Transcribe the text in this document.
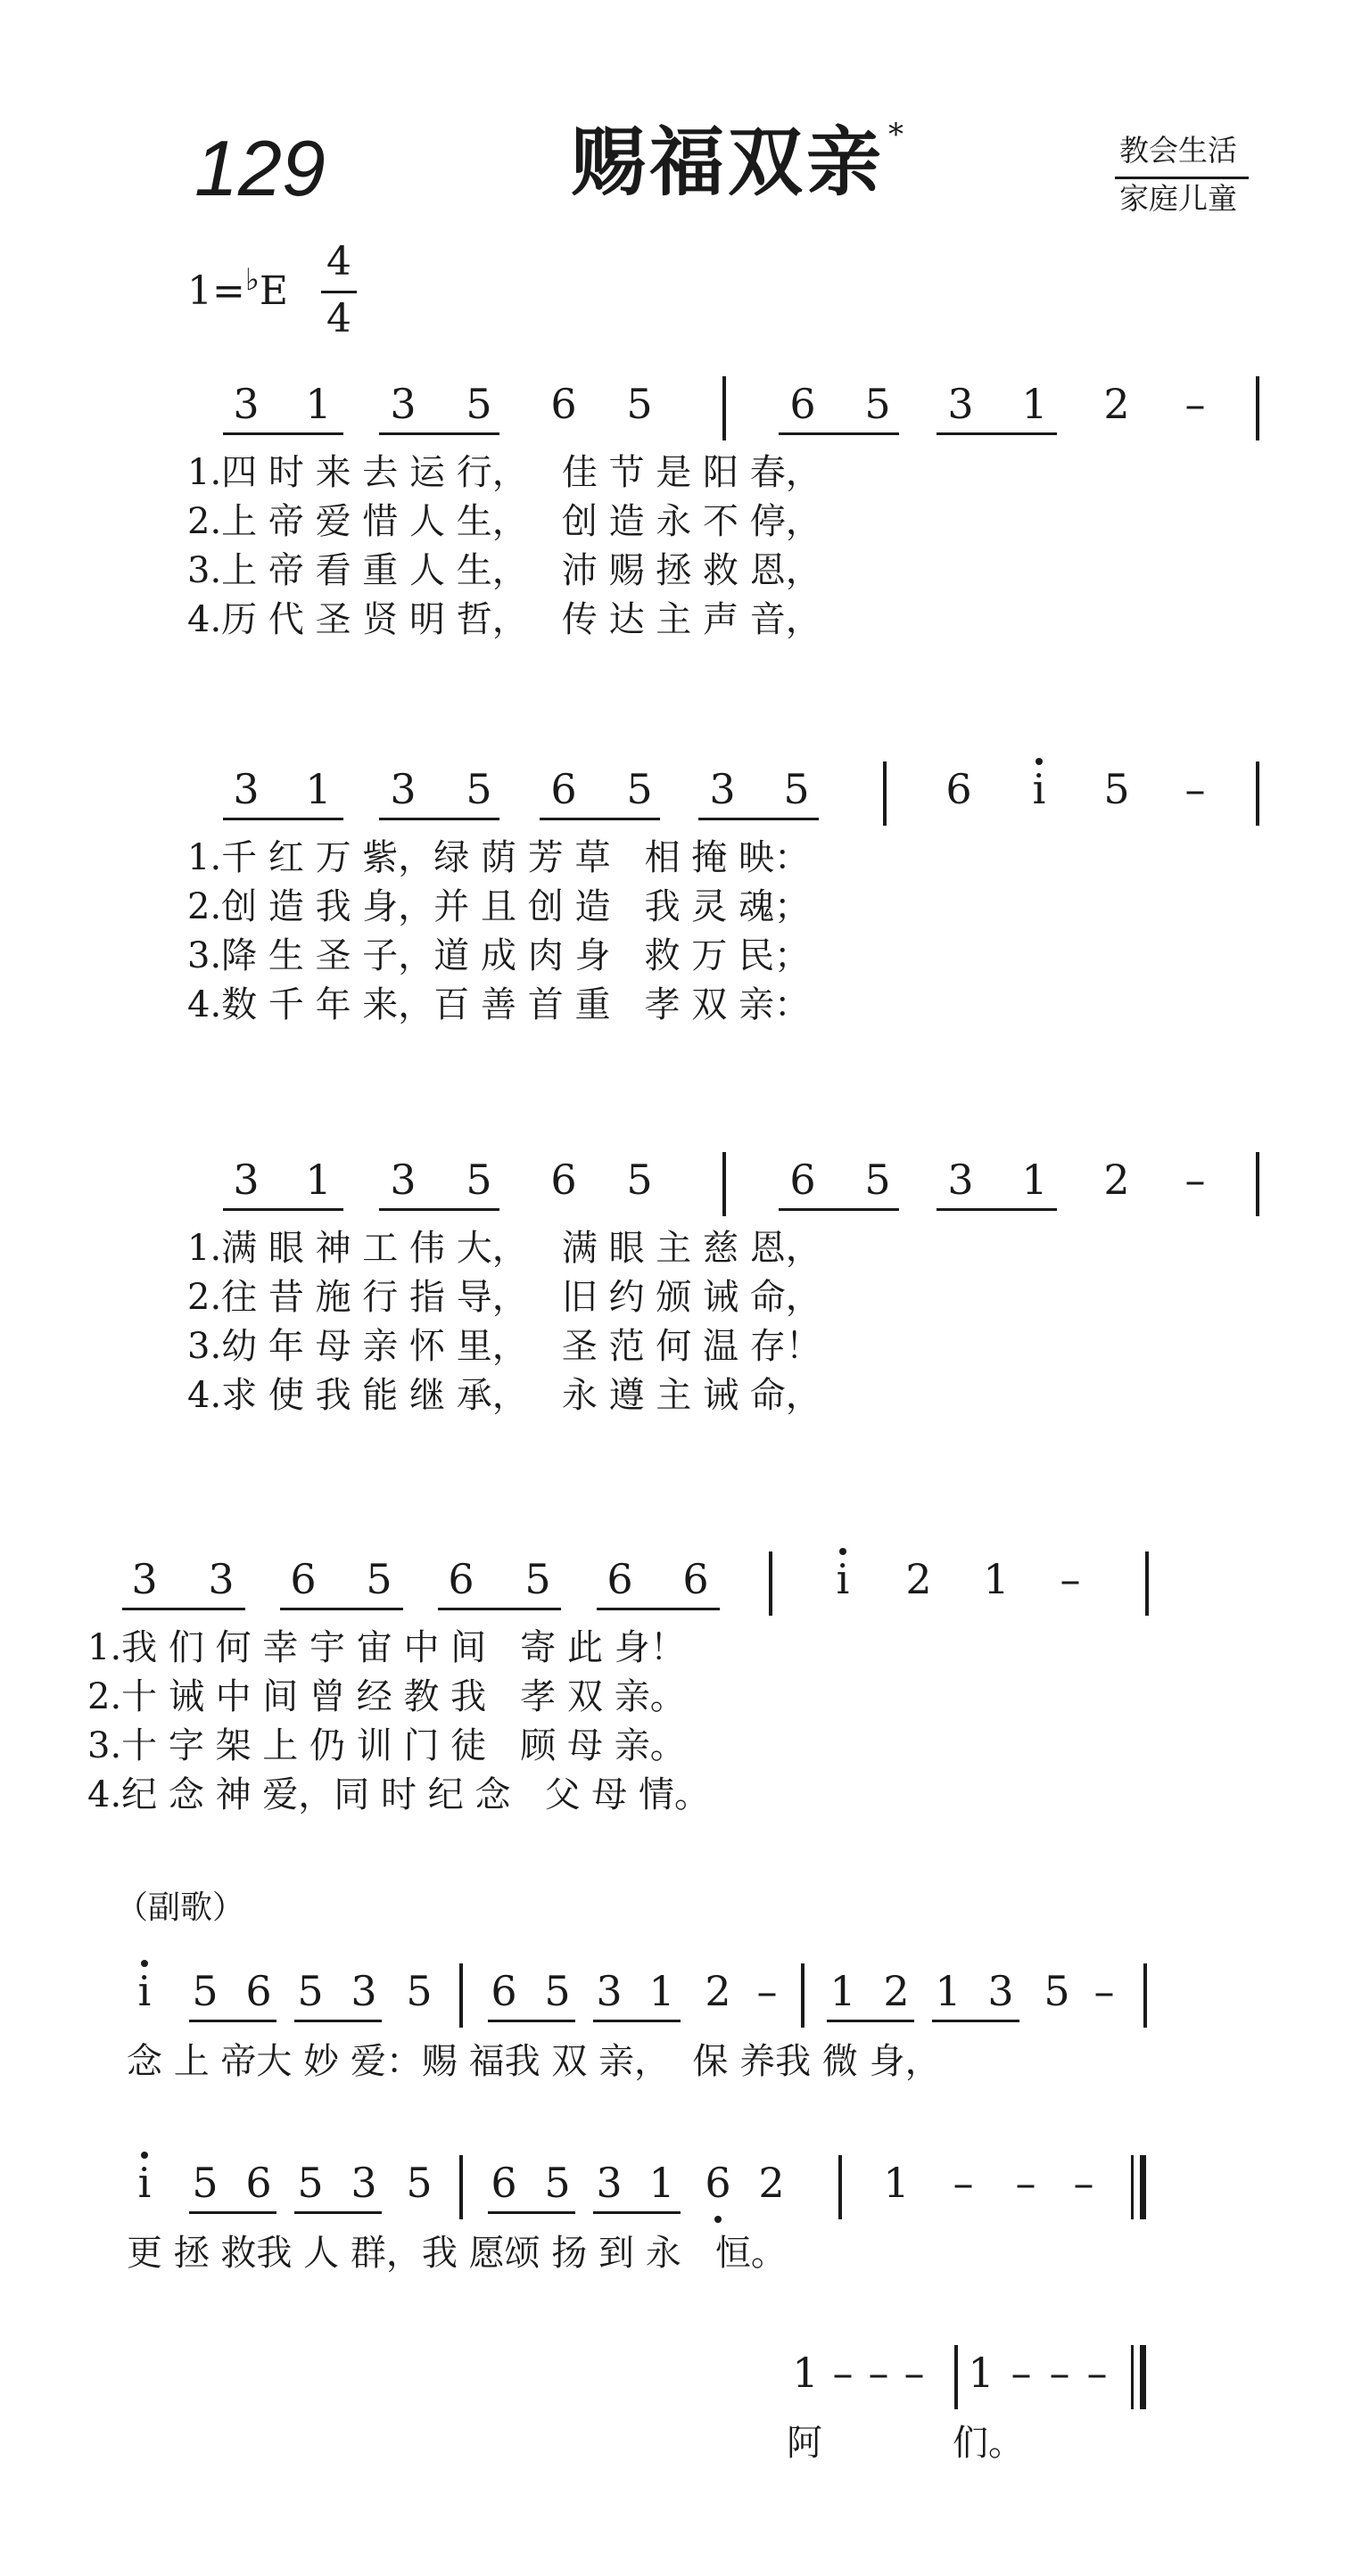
129	赐福双亲 *	教会生活
家庭儿童
1=♭E
4
4
3 1 3 5 6 5	6 5 3 1 2 –
1.四 时 来 去 运 行，   佳 节 是 阳 春，
2.上 帝 爱 惜 人 生，   创 造 永 不 停，
3.上 帝 看 重 人 生，   沛 赐 拯 救 恩，
4.历 代 圣 贤 明 哲，   传 达 主 声 音，
3 1 3 5 6 5 3 5	6 i 5 –
1.千 红 万 紫，绿 荫 芳 草   相 掩 映：
2.创 造 我 身，并 且 创 造   我 灵 魂；
3.降 生 圣 子，道 成 肉 身   救 万 民；
4.数 千 年 来，百 善 首 重   孝 双 亲：
3 1 3 5 6 5	6 5 3 1 2 –
1.满 眼 神 工 伟 大，   满 眼 主 慈 恩，
2.往 昔 施 行 指 导，   旧 约 颁 诫 命，
3.幼 年 母 亲 怀 里，   圣 范 何 温 存！
4.求 使 我 能 继 承，   永 遵 主 诫 命，
3 3 6 5 6 5 6 6	i 2 1 –
1.我 们 何 幸 宇 宙 中 间   寄 此 身！
2.十 诫 中 间 曾 经 教 我   孝 双 亲。
3.十 字 架 上 仍 训 门 徒   顾 母 亲。
4.纪 念 神 爱，同 时 纪 念   父 母 情。
（副歌）
i 5 6 5 3 5 6 5 3 1 2 – 1 2 1 3 5 –
念 上 帝大 妙 爱：赐 福我 双 亲，  保 养我 微 身，
i 5 6 5 3 5 6 5 3 1 6 2 1 – – –
更 拯 救我 人 群，我 愿颂 扬 到 永   恒。
1 – – – 1 – – –
阿	们。
